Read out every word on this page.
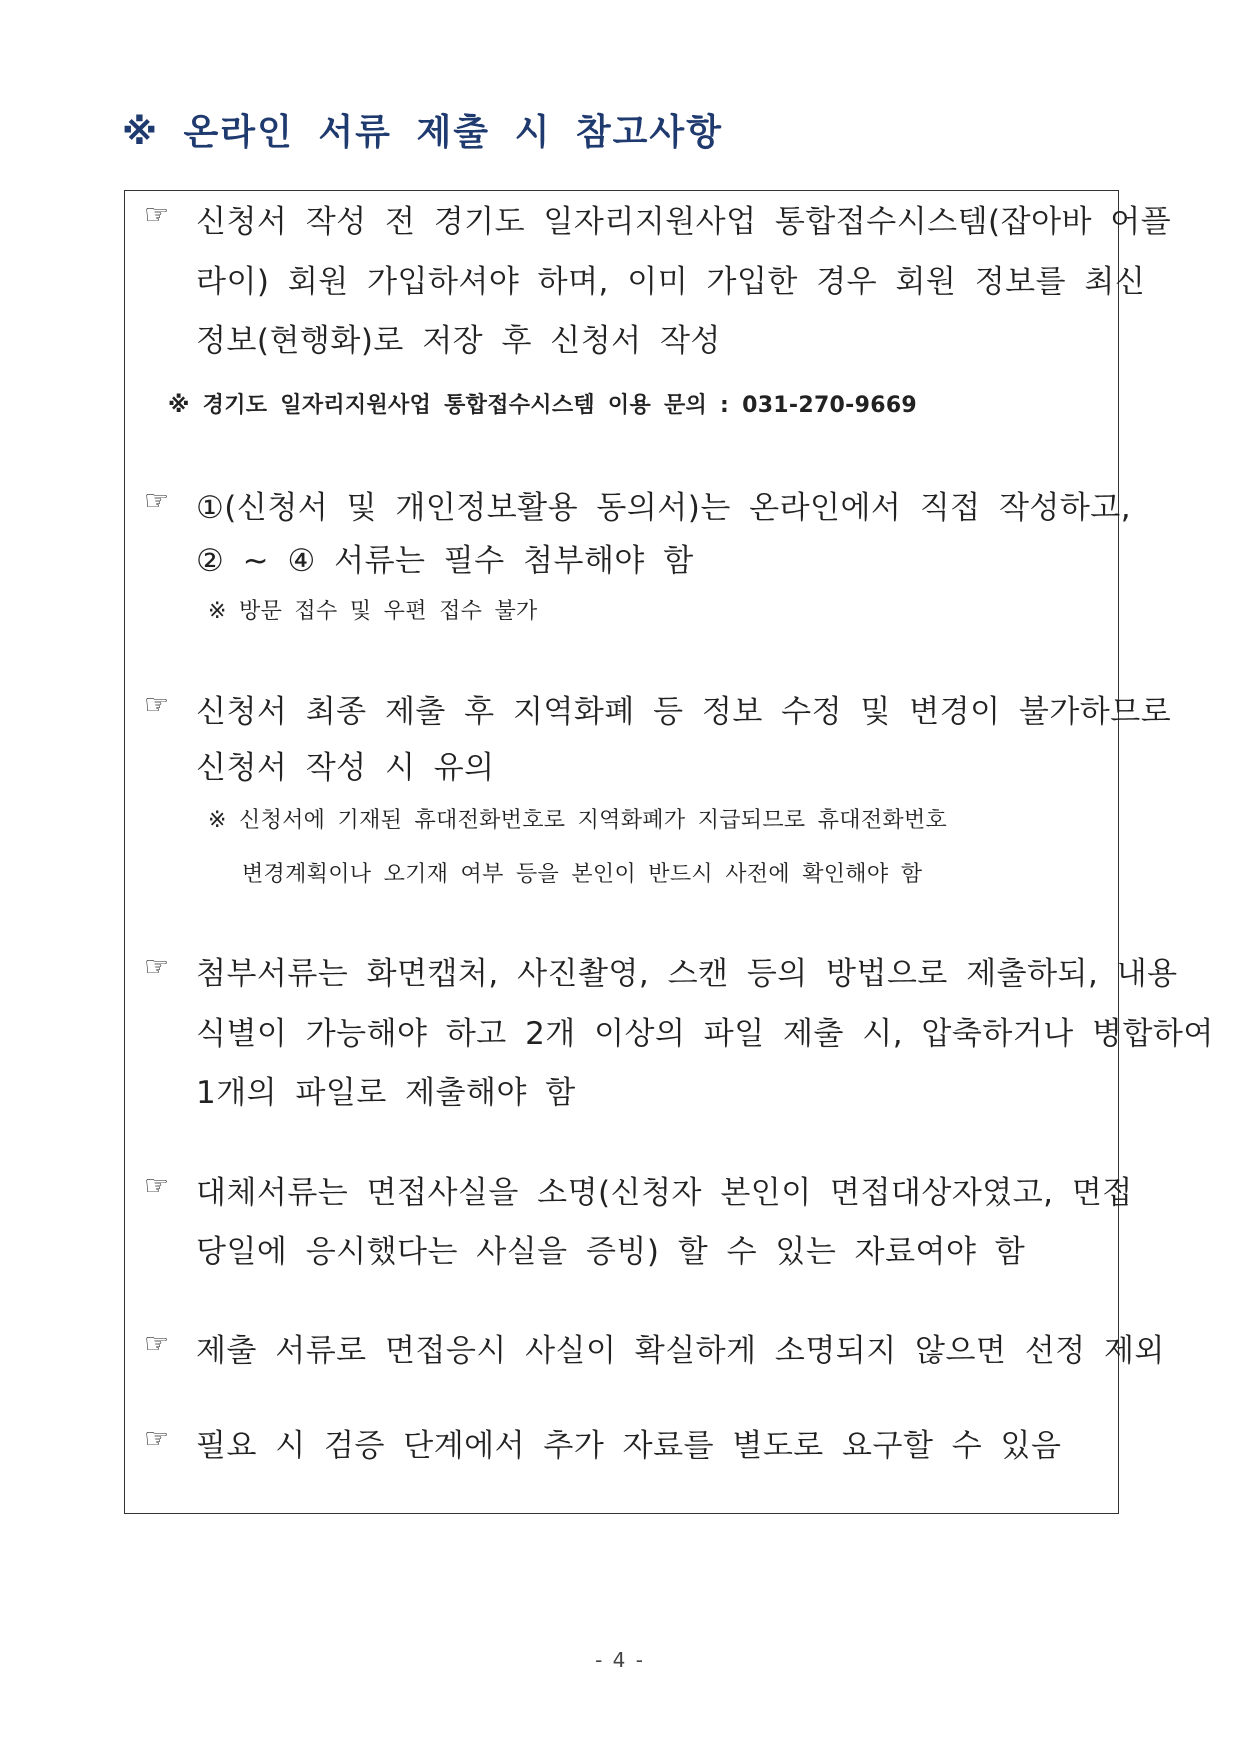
※ 온라인 서류 제출 시 참고사항
☞ 신청서 작성 전 경기도 일자리지원사업 통합접수시스템(잡아바 어플
라이) 회원 가입하셔야 하며, 이미 가입한 경우 회원 정보를 최신
정보(현행화)로 저장 후 신청서 작성
※ 경기도 일자리지원사업 통합접수시스템 이용 문의 : 031-270-9669
☞ ①(신청서 및 개인정보활용 동의서)는 온라인에서 직접 작성하고,
② ~ ④ 서류는 필수 첨부해야 함
※ 방문 접수 및 우편 접수 불가
☞ 신청서 최종 제출 후 지역화폐 등 정보 수정 및 변경이 불가하므로
신청서 작성 시 유의
※ 신청서에 기재된 휴대전화번호로 지역화폐가 지급되므로 휴대전화번호
변경계획이나 오기재 여부 등을 본인이 반드시 사전에 확인해야 함
☞ 첨부서류는 화면캡처, 사진촬영, 스캔 등의 방법으로 제출하되, 내용
식별이 가능해야 하고 2개 이상의 파일 제출 시, 압축하거나 병합하여
1개의 파일로 제출해야 함
☞ 대체서류는 면접사실을 소명(신청자 본인이 면접대상자였고, 면접
당일에 응시했다는 사실을 증빙) 할 수 있는 자료여야 함
☞ 제출 서류로 면접응시 사실이 확실하게 소명되지 않으면 선정 제외
☞ 필요 시 검증 단계에서 추가 자료를 별도로 요구할 수 있음
- 4 -
